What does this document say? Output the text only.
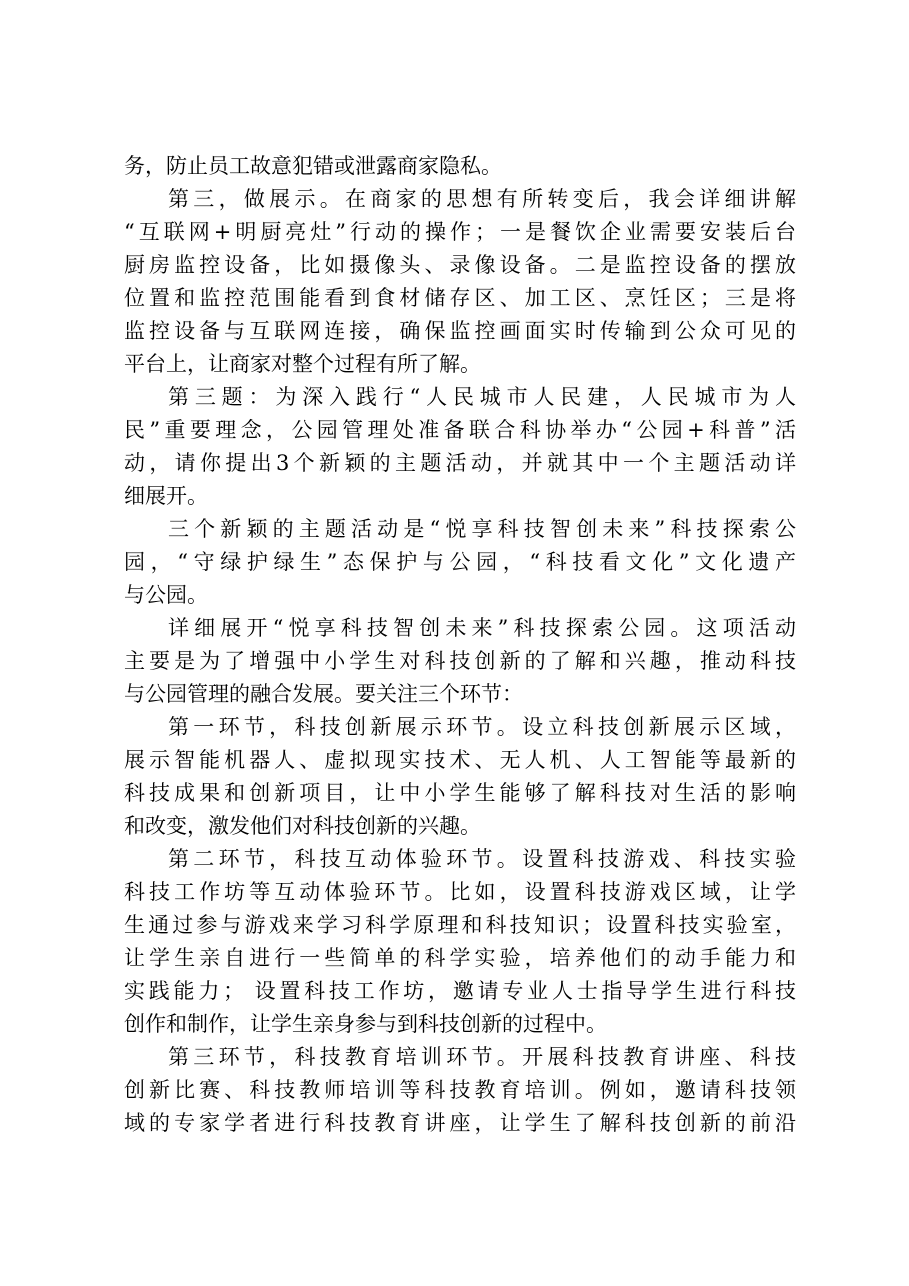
务，防止员工故意犯错或泄露商家隐私。
第三，做展示。在商家的思想有所转变后，我会详细讲解
“互联网+明厨亮灶”行动的操作；一是餐饮企业需要安装后台
厨房监控设备，比如摄像头、录像设备。二是监控设备的摆放
位置和监控范围能看到食材储存区、加工区、烹饪区；三是将
监控设备与互联网连接，确保监控画面实时传输到公众可见的
平台上，让商家对整个过程有所了解。
第三题：为深入践行“人民城市人民建，人民城市为人
民”重要理念，公园管理处准备联合科协举办“公园+科普”活
动，请你提出3个新颖的主题活动，并就其中一个主题活动详
细展开。
三个新颖的主题活动是“悦享科技智创未来”科技探索公
园，“守绿护绿生”态保护与公园，“科技看文化”文化遗产
与公园。
详细展开“悦享科技智创未来”科技探索公园。这项活动
主要是为了增强中小学生对科技创新的了解和兴趣，推动科技
与公园管理的融合发展。要关注三个环节：
第一环节，科技创新展示环节。设立科技创新展示区域，
展示智能机器人、虚拟现实技术、无人机、人工智能等最新的
科技成果和创新项目，让中小学生能够了解科技对生活的影响
和改变，激发他们对科技创新的兴趣。
第二环节，科技互动体验环节。设置科技游戏、科技实验
科技工作坊等互动体验环节。比如，设置科技游戏区域，让学
生通过参与游戏来学习科学原理和科技知识；设置科技实验室，
让学生亲自进行一些简单的科学实验，培养他们的动手能力和
实践能力； 设置科技工作坊，邀请专业人士指导学生进行科技
创作和制作，让学生亲身参与到科技创新的过程中。
第三环节，科技教育培训环节。开展科技教育讲座、科技
创新比赛、科技教师培训等科技教育培训。例如，邀请科技领
域的专家学者进行科技教育讲座，让学生了解科技创新的前沿
